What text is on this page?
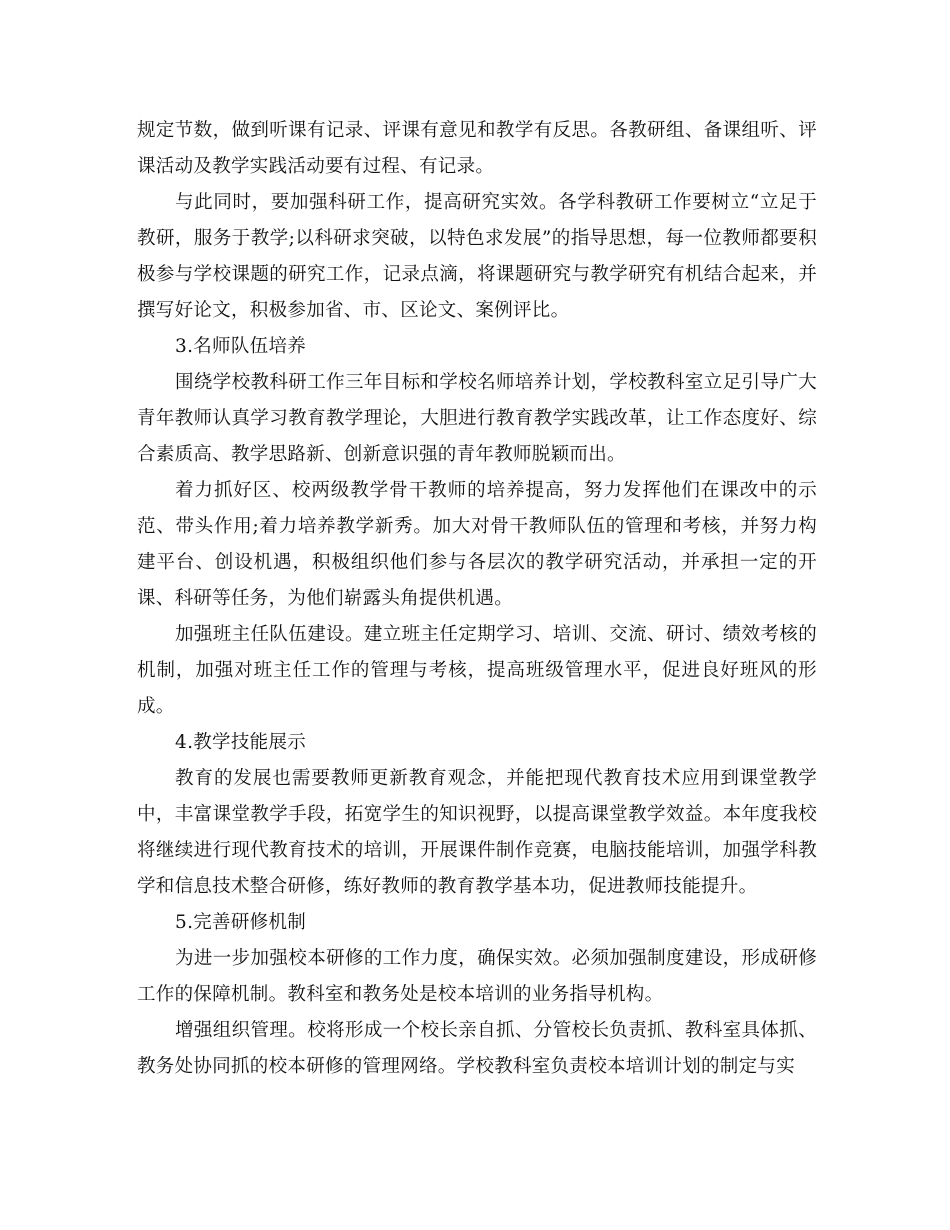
规定节数，做到听课有记录、评课有意见和教学有反思。各教研组、备课组听、评课活动及教学实践活动要有过程、有记录。

与此同时，要加强科研工作，提高研究实效。各学科教研工作要树立“立足于教研，服务于教学;以科研求突破，以特色求发展”的指导思想，每一位教师都要积极参与学校课题的研究工作，记录点滴，将课题研究与教学研究有机结合起来，并撰写好论文，积极参加省、市、区论文、案例评比。

3.名师队伍培养

围绕学校教科研工作三年目标和学校名师培养计划，学校教科室立足引导广大青年教师认真学习教育教学理论，大胆进行教育教学实践改革，让工作态度好、综合素质高、教学思路新、创新意识强的青年教师脱颖而出。

着力抓好区、校两级教学骨干教师的培养提高，努力发挥他们在课改中的示范、带头作用;着力培养教学新秀。加大对骨干教师队伍的管理和考核，并努力构建平台、创设机遇，积极组织他们参与各层次的教学研究活动，并承担一定的开课、科研等任务，为他们崭露头角提供机遇。

加强班主任队伍建设。建立班主任定期学习、培训、交流、研讨、绩效考核的机制，加强对班主任工作的管理与考核，提高班级管理水平，促进良好班风的形成。

4.教学技能展示

教育的发展也需要教师更新教育观念，并能把现代教育技术应用到课堂教学中，丰富课堂教学手段，拓宽学生的知识视野，以提高课堂教学效益。本年度我校将继续进行现代教育技术的培训，开展课件制作竞赛，电脑技能培训，加强学科教学和信息技术整合研修，练好教师的教育教学基本功，促进教师技能提升。

5.完善研修机制

为进一步加强校本研修的工作力度，确保实效。必须加强制度建设，形成研修工作的保障机制。教科室和教务处是校本培训的业务指导机构。

增强组织管理。校将形成一个校长亲自抓、分管校长负责抓、教科室具体抓、教务处协同抓的校本研修的管理网络。学校教科室负责校本培训计划的制定与实
